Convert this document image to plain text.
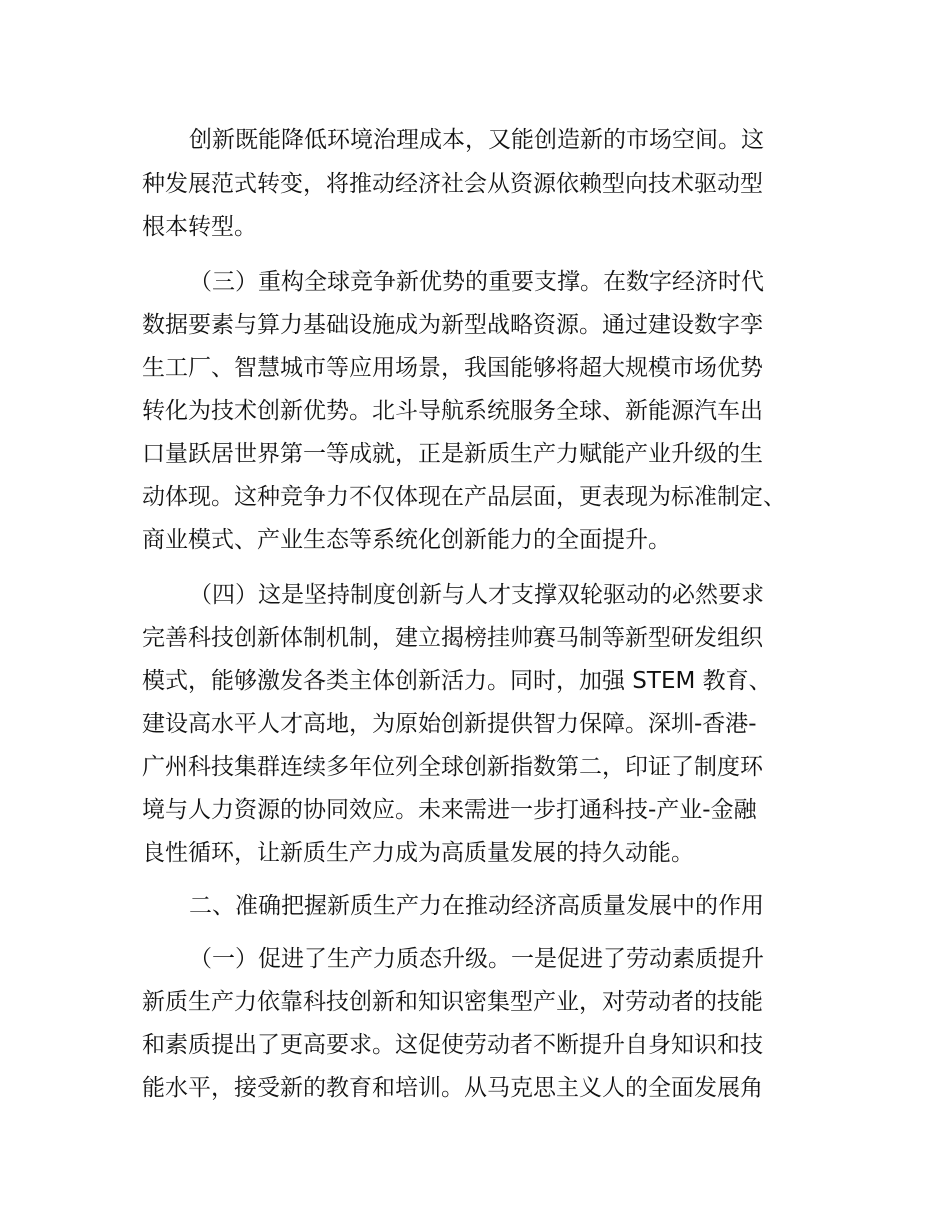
创新既能降低环境治理成本，又能创造新的市场空间。这
种发展范式转变，将推动经济社会从资源依赖型向技术驱动型
根本转型。
（三）重构全球竞争新优势的重要支撑。在数字经济时代
数据要素与算力基础设施成为新型战略资源。通过建设数字孪
生工厂、智慧城市等应用场景，我国能够将超大规模市场优势
转化为技术创新优势。北斗导航系统服务全球、新能源汽车出
口量跃居世界第一等成就，正是新质生产力赋能产业升级的生
动体现。这种竞争力不仅体现在产品层面，更表现为标准制定、
商业模式、产业生态等系统化创新能力的全面提升。
（四）这是坚持制度创新与人才支撑双轮驱动的必然要求
完善科技创新体制机制，建立揭榜挂帅赛马制等新型研发组织
模式，能够激发各类主体创新活力。同时，加强 STEM 教育、
建设高水平人才高地，为原始创新提供智力保障。深圳-香港-
广州科技集群连续多年位列全球创新指数第二，印证了制度环
境与人力资源的协同效应。未来需进一步打通科技-产业-金融
良性循环，让新质生产力成为高质量发展的持久动能。
二、准确把握新质生产力在推动经济高质量发展中的作用
（一）促进了生产力质态升级。一是促进了劳动素质提升
新质生产力依靠科技创新和知识密集型产业，对劳动者的技能
和素质提出了更高要求。这促使劳动者不断提升自身知识和技
能水平，接受新的教育和培训。从马克思主义人的全面发展角
